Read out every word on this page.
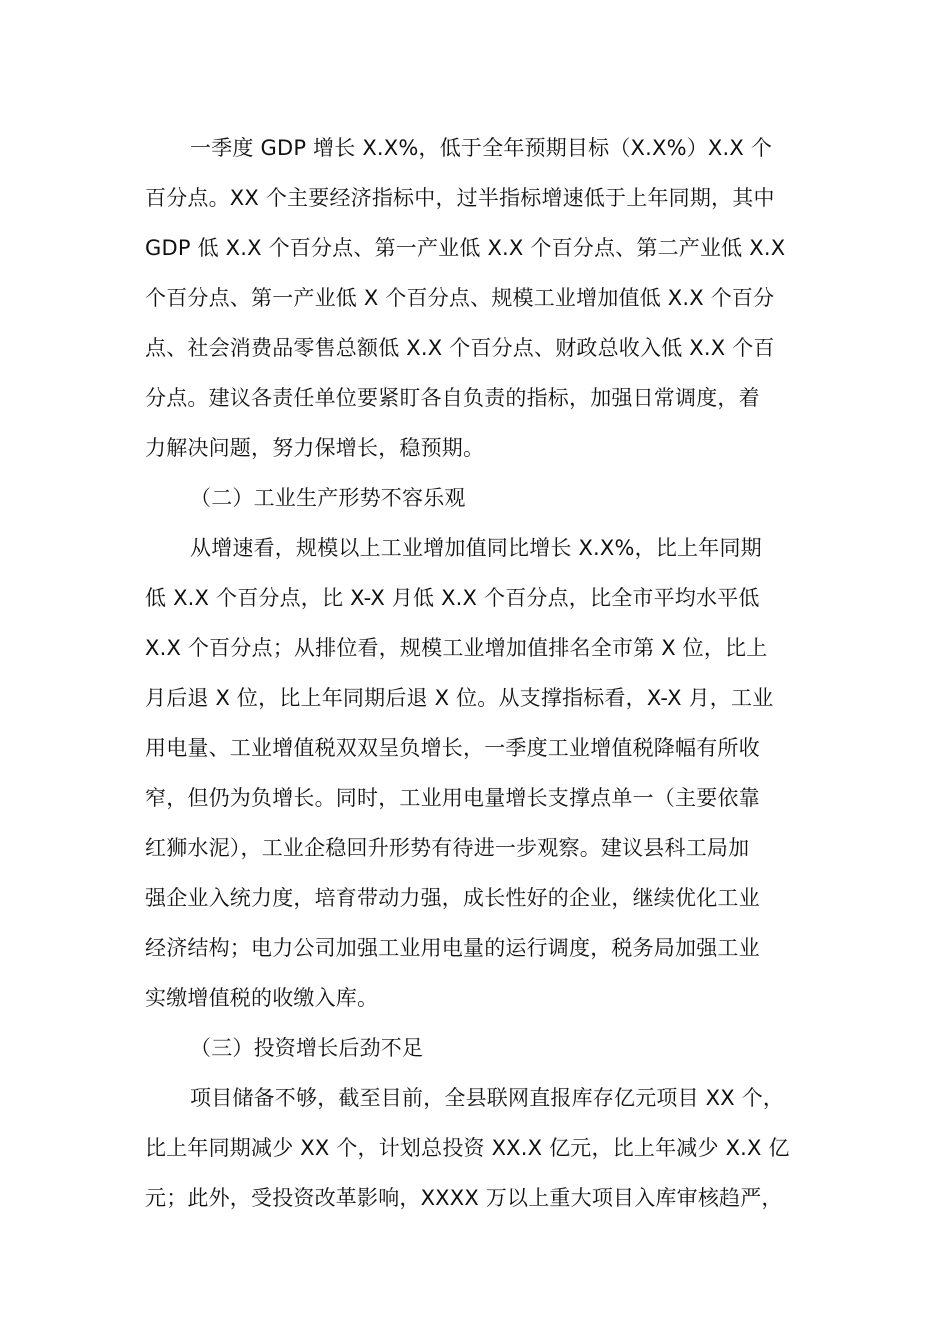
一季度 GDP 增长 X.X%，低于全年预期目标（X.X%）X.X 个
百分点。XX 个主要经济指标中，过半指标增速低于上年同期，其中
GDP 低 X.X 个百分点、第一产业低 X.X 个百分点、第二产业低 X.X
个百分点、第一产业低 X 个百分点、规模工业增加值低 X.X 个百分
点、社会消费品零售总额低 X.X 个百分点、财政总收入低 X.X 个百
分点。建议各责任单位要紧盯各自负责的指标，加强日常调度，着
力解决问题，努力保增长，稳预期。
（二）工业生产形势不容乐观
从增速看，规模以上工业增加值同比增长 X.X%，比上年同期
低 X.X 个百分点，比 X-X 月低 X.X 个百分点，比全市平均水平低
X.X 个百分点；从排位看，规模工业增加值排名全市第 X 位，比上
月后退 X 位，比上年同期后退 X 位。从支撑指标看，X-X 月，工业
用电量、工业增值税双双呈负增长，一季度工业增值税降幅有所收
窄，但仍为负增长。同时，工业用电量增长支撑点单一（主要依靠
红狮水泥），工业企稳回升形势有待进一步观察。建议县科工局加
强企业入统力度，培育带动力强，成长性好的企业，继续优化工业
经济结构；电力公司加强工业用电量的运行调度，税务局加强工业
实缴增值税的收缴入库。
（三）投资增长后劲不足
项目储备不够，截至目前，全县联网直报库存亿元项目 XX 个，
比上年同期减少 XX 个，计划总投资 XX.X 亿元，比上年减少 X.X 亿
元；此外，受投资改革影响，XXXX 万以上重大项目入库审核趋严，
